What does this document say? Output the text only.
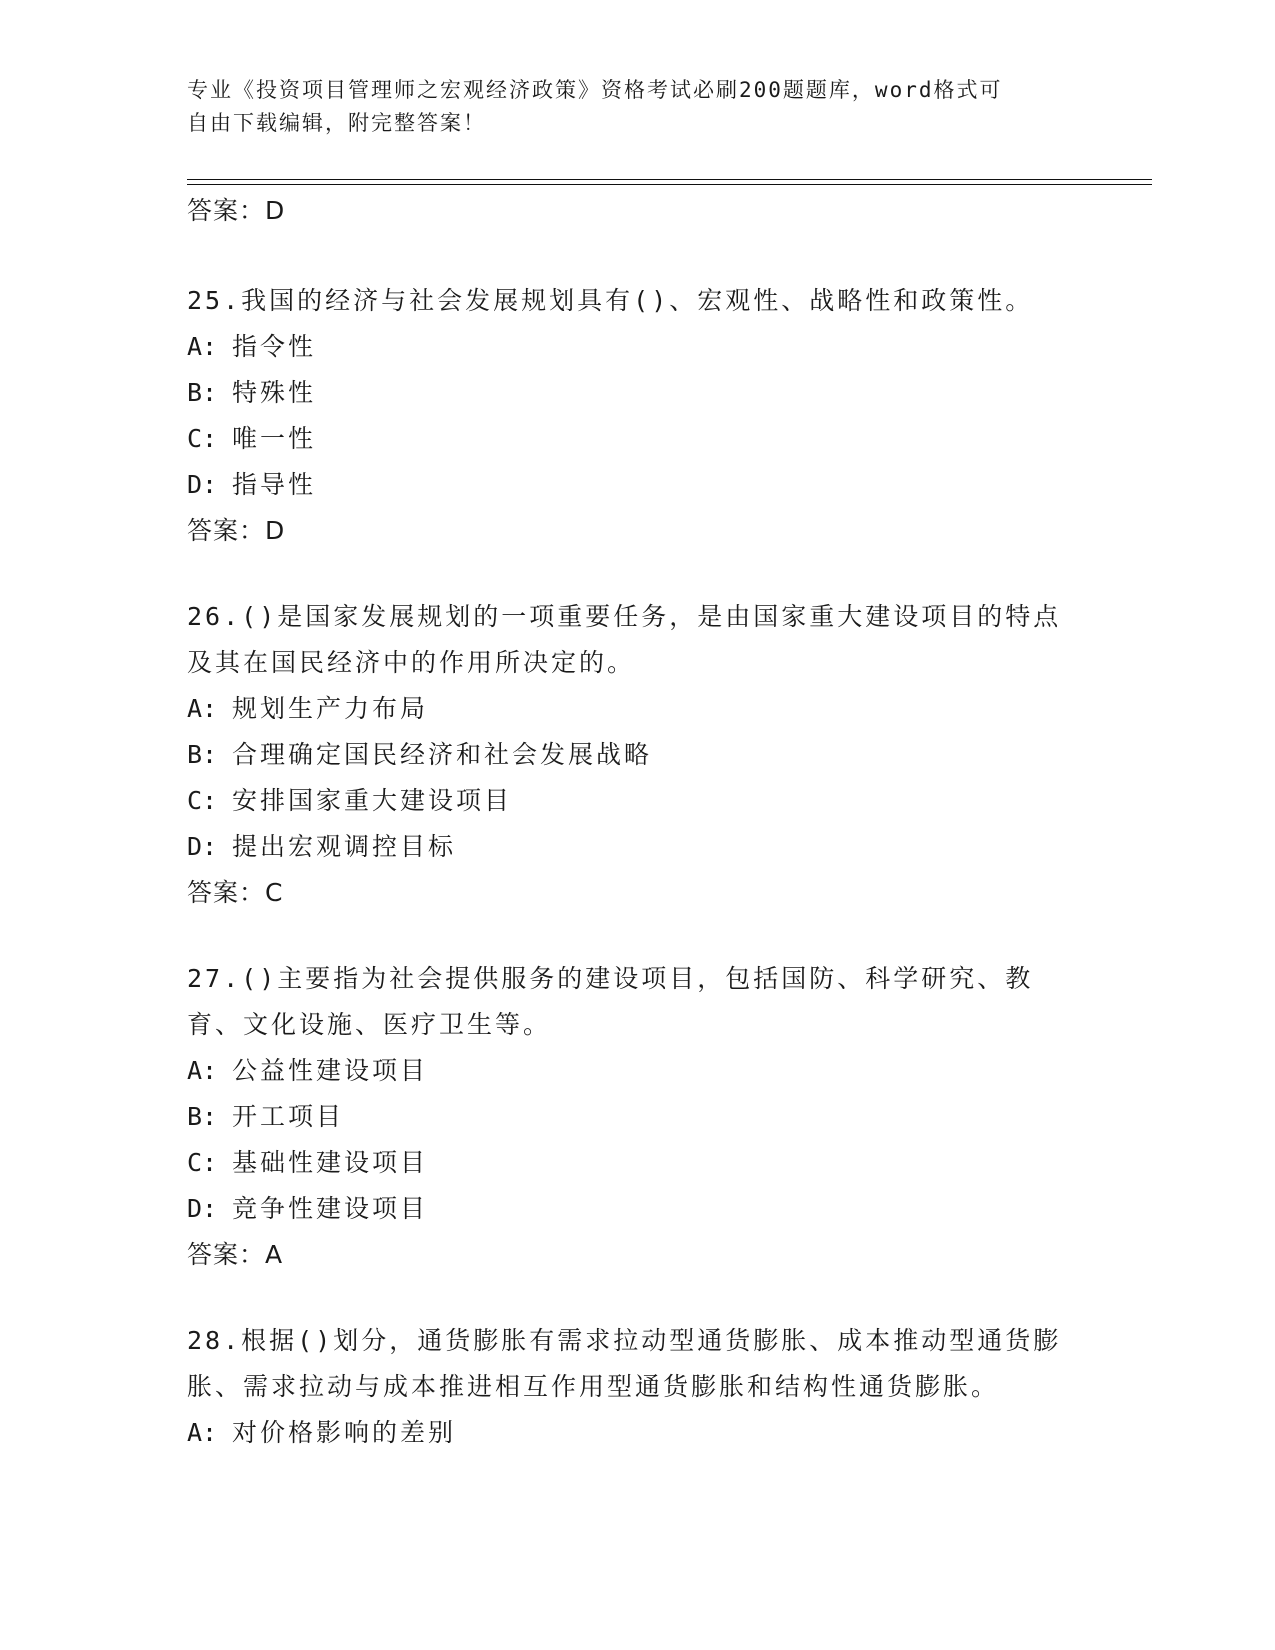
专业《投资项目管理师之宏观经济政策》资格考试必刷200题题库，word格式可
自由下载编辑，附完整答案！
答案：D
25.我国的经济与社会发展规划具有()、宏观性、战略性和政策性。
A: 指令性
B: 特殊性
C: 唯一性
D: 指导性
答案：D
26.()是国家发展规划的一项重要任务，是由国家重大建设项目的特点及其在国民经济中的作用所决定的。
A: 规划生产力布局
B: 合理确定国民经济和社会发展战略
C: 安排国家重大建设项目
D: 提出宏观调控目标
答案：C
27.()主要指为社会提供服务的建设项目，包括国防、科学研究、教育、文化设施、医疗卫生等。
A: 公益性建设项目
B: 开工项目
C: 基础性建设项目
D: 竞争性建设项目
答案：A
28.根据()划分，通货膨胀有需求拉动型通货膨胀、成本推动型通货膨胀、需求拉动与成本推进相互作用型通货膨胀和结构性通货膨胀。
A: 对价格影响的差别
